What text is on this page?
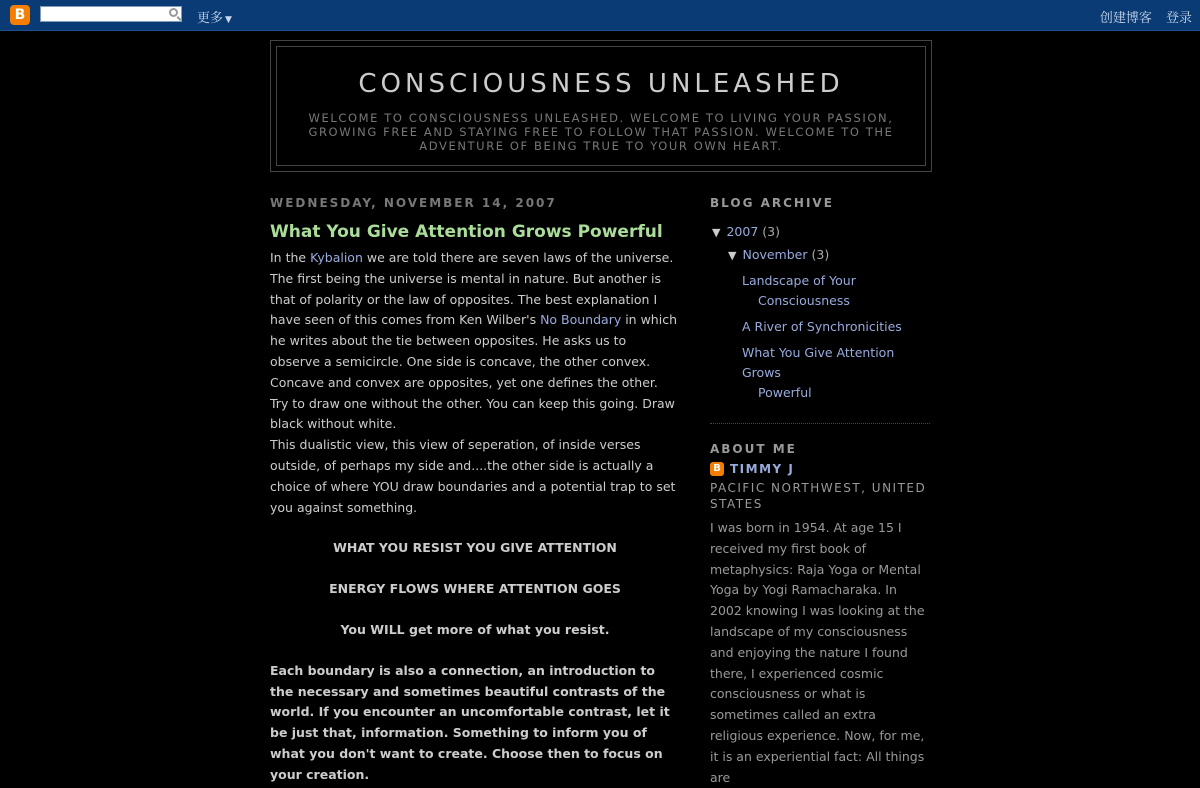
B	更多 ▼	创建博客 登录
CONSCIOUSNESS UNLEASHED
WELCOME TO CONSCIOUSNESS UNLEASHED. WELCOME TO LIVING YOUR PASSION, GROWING FREE AND STAYING FREE TO FOLLOW THAT PASSION. WELCOME TO THE ADVENTURE OF BEING TRUE TO YOUR OWN HEART.
WEDNESDAY, NOVEMBER 14, 2007
What You Give Attention Grows Powerful
In the Kybalion we are told there are seven laws of the universe. The first being the universe is mental in nature. But another is that of polarity or the law of opposites. The best explanation I have seen of this comes from Ken Wilber's No Boundary in which he writes about the tie between opposites. He asks us to observe a semicircle. One side is concave, the other convex. Concave and convex are opposites, yet one defines the other. Try to draw one without the other. You can keep this going. Draw black without white.
This dualistic view, this view of seperation, of inside verses outside, of perhaps my side and....the other side is actually a choice of where YOU draw boundaries and a potential trap to set you against something.
WHAT YOU RESIST YOU GIVE ATTENTION
ENERGY FLOWS WHERE ATTENTION GOES
You WILL get more of what you resist.
Each boundary is also a connection, an introduction to the necessary and sometimes beautiful contrasts of the world. If you encounter an uncomfortable contrast, let it be just that, information. Something to inform you of what you don't want to create. Choose then to focus on your creation.
BLOG ARCHIVE
▼ 2007 (3)
▼ November (3)
Landscape of Your
Consciousness
A River of Synchronicities
What You Give Attention Grows
Powerful
ABOUT ME
B TIMMY J
PACIFIC NORTHWEST, UNITED STATES
I was born in 1954. At age 15 I received my first book of metaphysics: Raja Yoga or Mental Yoga by Yogi Ramacharaka. In 2002 knowing I was looking at the landscape of my consciousness and enjoying the nature I found there, I experienced cosmic consciousness or what is sometimes called an extra religious experience. Now, for me, it is an experiential fact: All things are
